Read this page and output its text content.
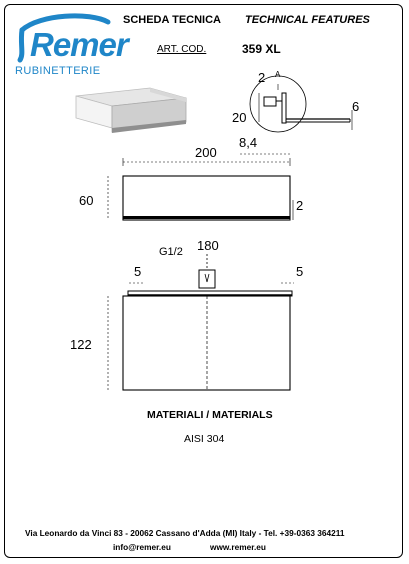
Remer
RUBINETTERIE
SCHEDA TECNICA TECHNICAL FEATURES
ART. COD.	359 XL
2 A
20
6
8,4
200
60	2
G1/2 180
5	5
122
MATERIALI / MATERIALS
AISI 304
Via Leonardo da Vinci 83 - 20062 Cassano d'Adda (MI) Italy - Tel. +39-0363 364211
info@remer.eu	www.remer.eu
